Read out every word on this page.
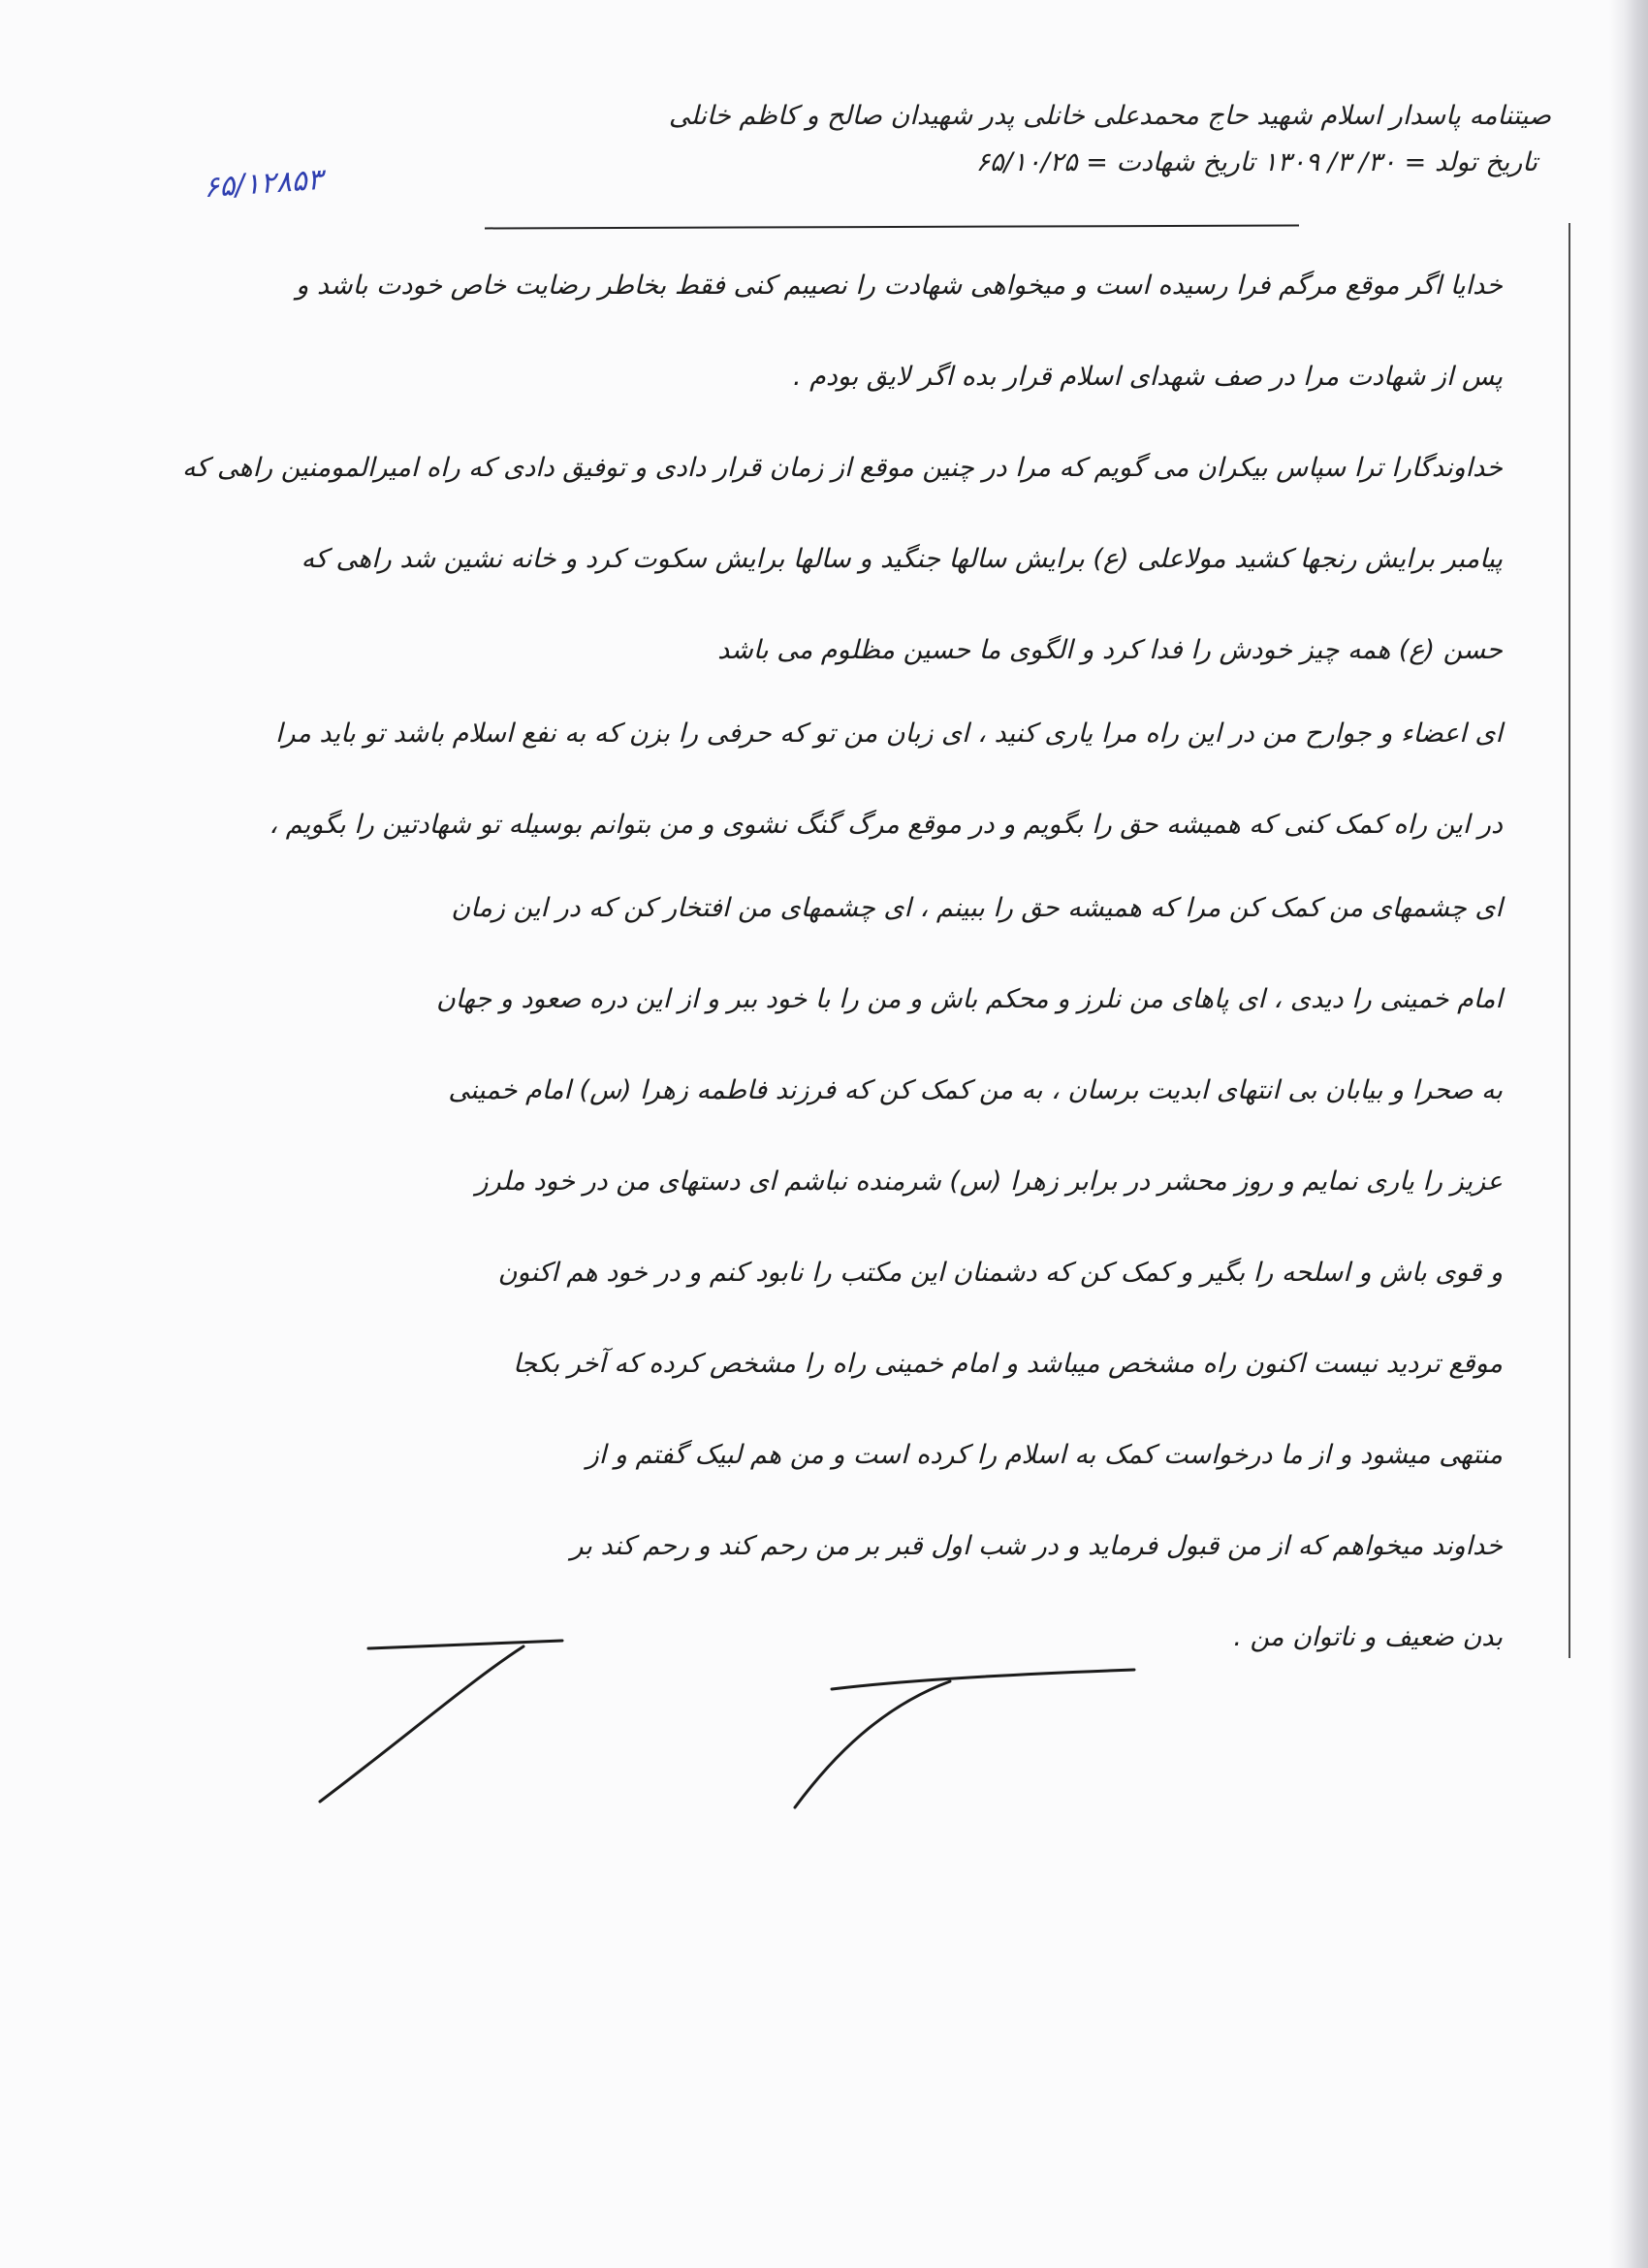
صیتنامه پاسدار اسلام شهید حاج محمدعلی خانلی پدر شهیدان صالح و کاظم خانلی
تاریخ تولد = ۳۰/ ۳/ ۱۳۰۹ تاریخ شهادت = ۶۵/۱۰/۲۵
۶۵/۱۲۸۵۳
خدایا اگر موقع مرگم فرا رسیده است و میخواهی شهادت را نصیبم کنی فقط بخاطر رضایت خاص خودت باشد و
پس از شهادت مرا در صف شهدای اسلام قرار بده اگر لایق بودم .
خداوندگارا ترا سپاس بیکران می گویم که مرا در چنین موقع از زمان قرار دادی و توفیق دادی که راه امیرالمومنین راهی که
پیامبر برایش رنجها کشید مولاعلی (ع) برایش سالها جنگید و سالها برایش سکوت کرد و خانه نشین شد راهی که
حسن (ع) همه چیز خودش را فدا کرد و الگوی ما حسین مظلوم می باشد
ای اعضاء و جوارح من در این راه مرا یاری کنید ، ای زبان من تو که حرفی را بزن که به نفع اسلام باشد تو باید مرا
در این راه کمک کنی که همیشه حق را بگویم و در موقع مرگ گنگ نشوی و من بتوانم بوسیله تو شهادتین را بگویم ،
ای چشمهای من کمک کن مرا که همیشه حق را ببینم ، ای چشمهای من افتخار کن که در این زمان
امام خمینی را دیدی ، ای پاهای من نلرز و محکم باش و من را با خود ببر و از این دره صعود و جهان
به صحرا و بیابان بی انتهای ابدیت برسان ، به من کمک کن که فرزند فاطمه زهرا (س) امام خمینی
عزیز را یاری نمایم و روز محشر در برابر زهرا (س) شرمنده نباشم ای دستهای من در خود ملرز
و قوی باش و اسلحه را بگیر و کمک کن که دشمنان این مکتب را نابود کنم و در خود هم اکنون
موقع تردید نیست اکنون راه مشخص میباشد و امام خمینی راه را مشخص کرده که آخر بکجا
منتهی میشود و از ما درخواست کمک به اسلام را کرده است و من هم لبیک گفتم و از
خداوند میخواهم که از من قبول فرماید و در شب اول قبر بر من رحم کند و رحم کند بر
بدن ضعیف و ناتوان من .
